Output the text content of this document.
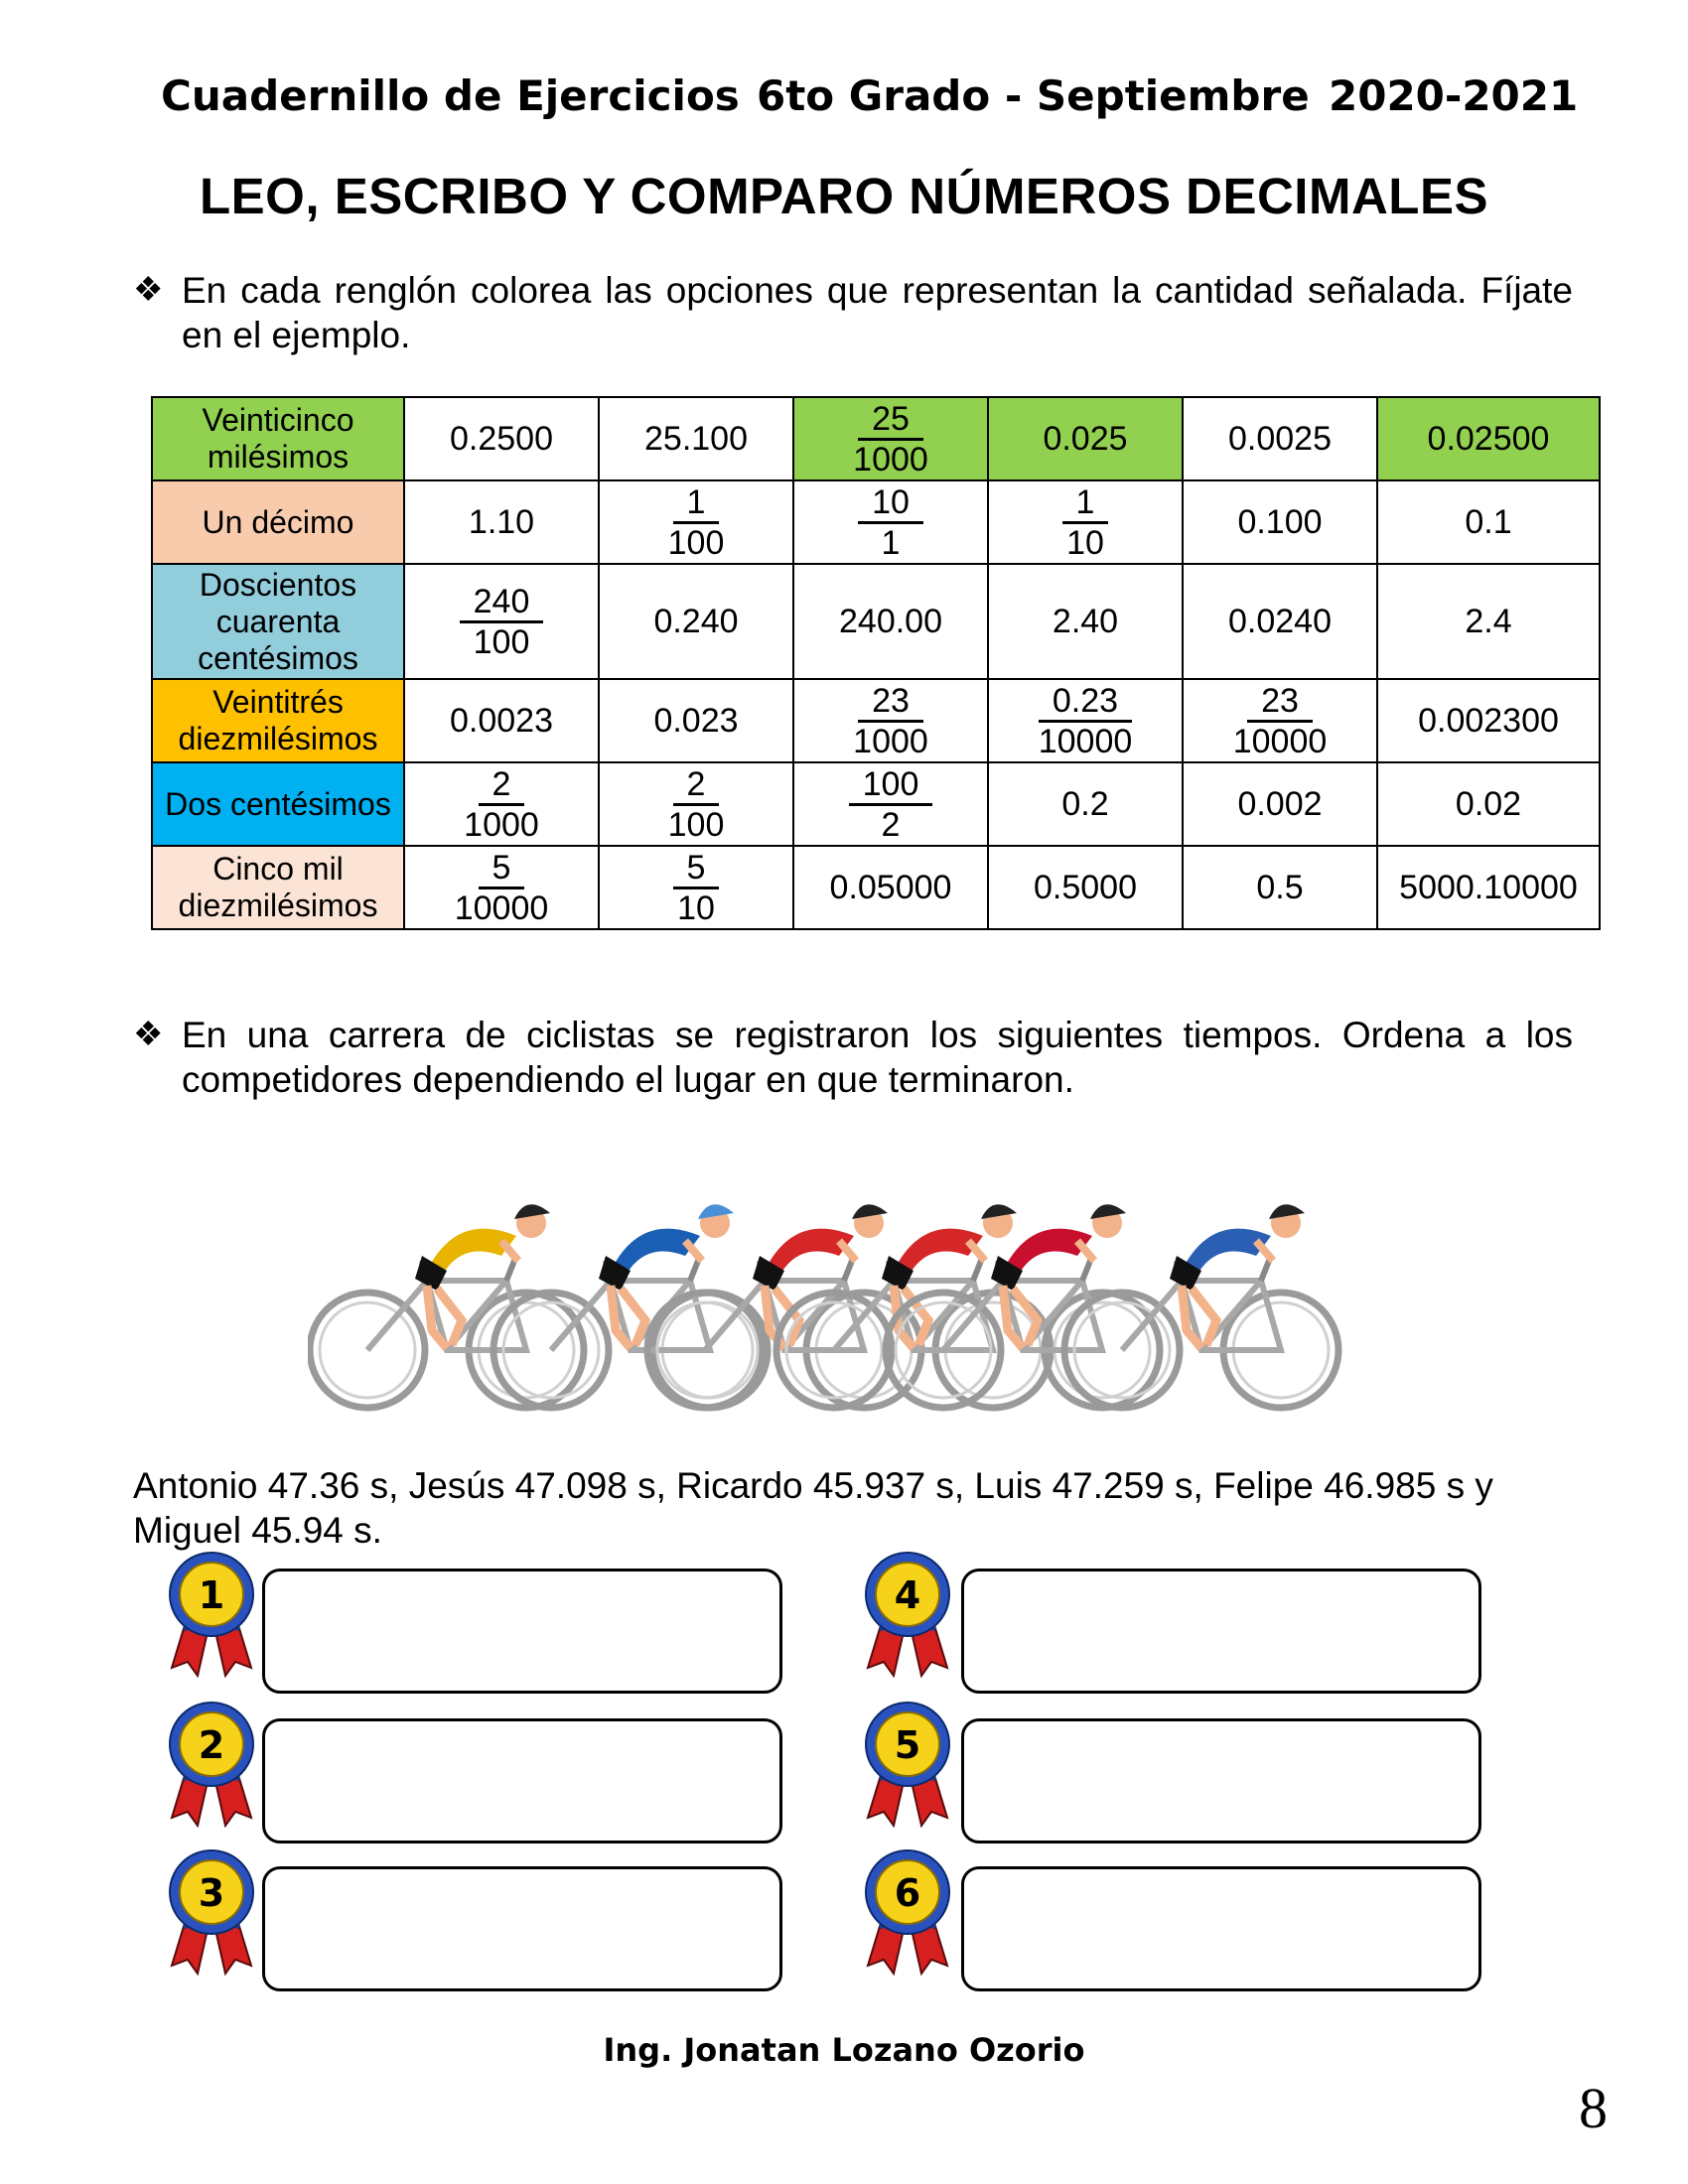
Cuadernillo de Ejercicios 6to Grado - Septiembre 2020-2021
LEO, ESCRIBO Y COMPARO NÚMEROS DECIMALES
❖ En cada renglón colorea las opciones que representan la cantidad señalada. Fíjate en el ejemplo.
Veinticinco milésimos	0.2500	25.100	$\frac{25}{1000}$	0.025	0.0025	0.02500
Un décimo	1.10	$\frac{1}{100}$	$\frac{10}{1}$	$\frac{1}{10}$	0.100	0.1
Doscientos cuarenta centésimos	$\frac{240}{100}$	0.240	240.00	2.40	0.0240	2.4
Veintitrés diezmilésimos	0.0023	0.023	$\frac{23}{1000}$	$\frac{0.23}{10000}$	$\frac{23}{10000}$	0.002300
Dos centésimos	$\frac{2}{1000}$	$\frac{2}{100}$	$\frac{100}{2}$	0.2	0.002	0.02
Cinco mil diezmilésimos	$\frac{5}{10000}$	$\frac{5}{10}$	0.05000	0.5000	0.5	5000.10000
❖ En una carrera de ciclistas se registraron los siguientes tiempos. Ordena a los competidores dependiendo el lugar en que terminaron.
Antonio 47.36 s, Jesús 47.098 s, Ricardo 45.937 s, Luis 47.259 s, Felipe 46.985 s y Miguel 45.94 s.
1
2
3
4
5
6
Ing. Jonatan Lozano Ozorio
8
